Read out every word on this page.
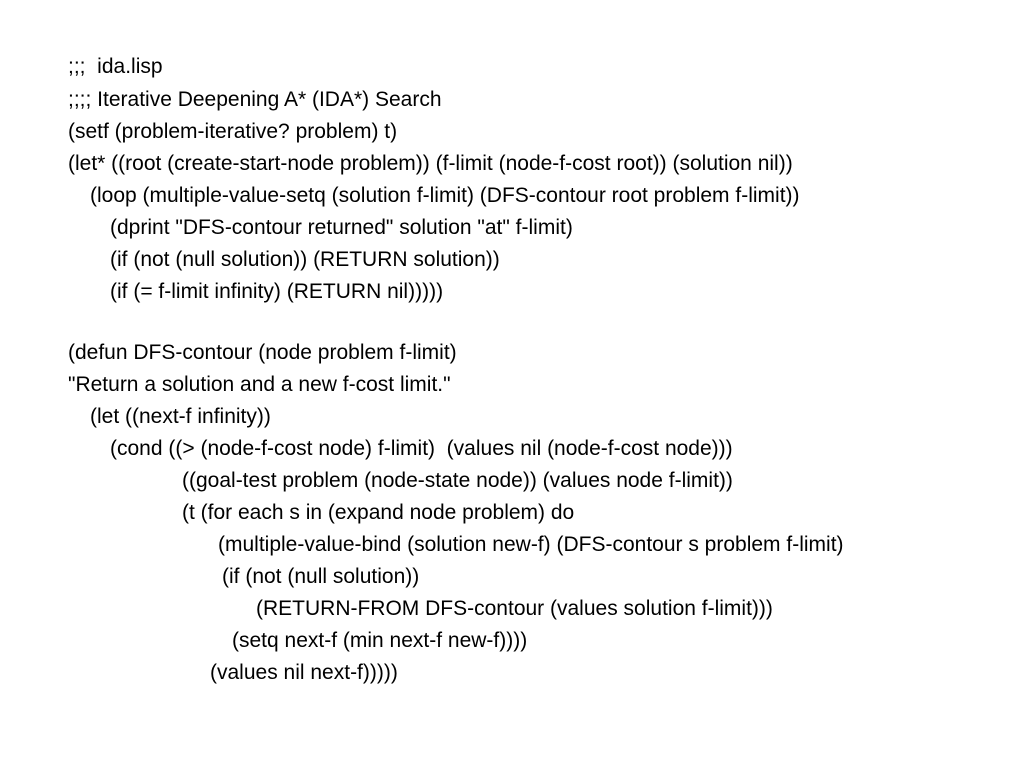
;;;  ida.lisp
;;;; Iterative Deepening A* (IDA*) Search
(setf (problem-iterative? problem) t)
(let* ((root (create-start-node problem)) (f-limit (node-f-cost root)) (solution nil))
(loop (multiple-value-setq (solution f-limit) (DFS-contour root problem f-limit))
(dprint "DFS-contour returned" solution "at" f-limit)
(if (not (null solution)) (RETURN solution))
(if (= f-limit infinity) (RETURN nil)))))
(defun DFS-contour (node problem f-limit)
"Return a solution and a new f-cost limit."
(let ((next-f infinity))
(cond ((> (node-f-cost node) f-limit)  (values nil (node-f-cost node)))
((goal-test problem (node-state node)) (values node f-limit))
(t (for each s in (expand node problem) do
(multiple-value-bind (solution new-f) (DFS-contour s problem f-limit)
(if (not (null solution))
(RETURN-FROM DFS-contour (values solution f-limit)))
(setq next-f (min next-f new-f))))
(values nil next-f)))))
